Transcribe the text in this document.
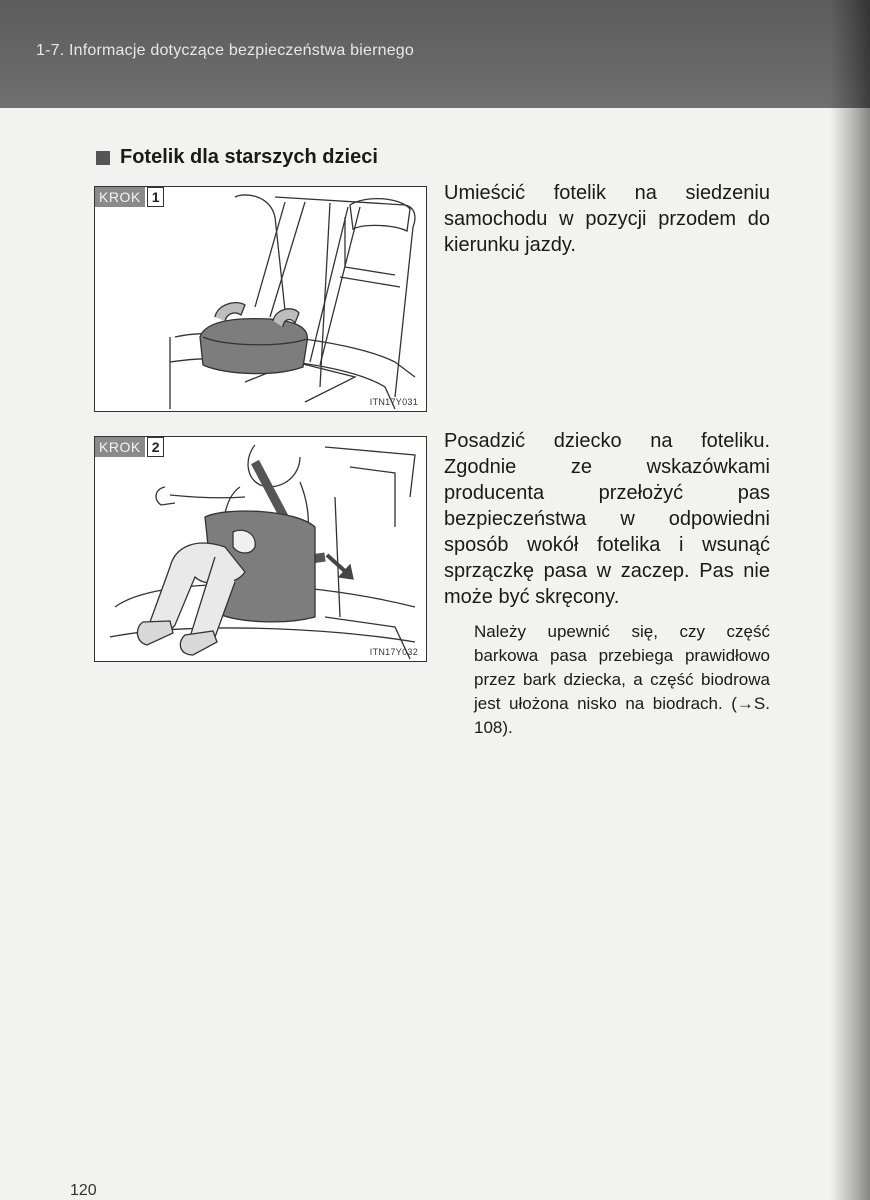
1-7. Informacje dotyczące bezpieczeństwa biernego
Fotelik dla starszych dzieci
KROK 1
ITN17Y031
Umieścić fotelik na siedzeniu samochodu w pozycji przodem do kierunku jazdy.
KROK 2
ITN17Y032
Posadzić dziecko na foteliku. Zgodnie ze wskazówkami producenta przełożyć pas bezpieczeństwa w odpowiedni sposób wokół fotelika i wsunąć sprzączkę pasa w zaczep. Pas nie może być skręcony.
Należy upewnić się, czy część barkowa pasa przebiega prawidłowo przez bark dziecka, a część biodrowa jest ułożona nisko na biodrach. (→S. 108).
120
